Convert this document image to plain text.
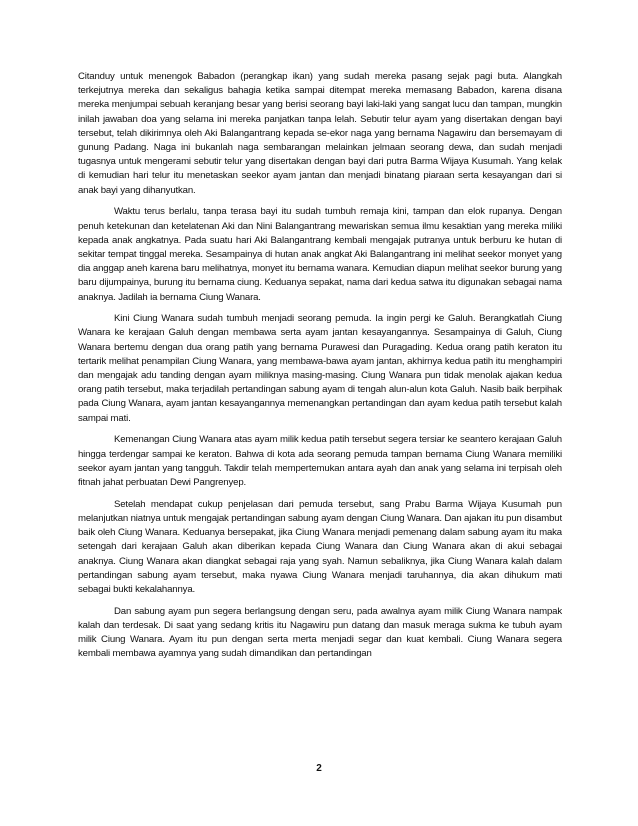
Citanduy untuk menengok Babadon (perangkap ikan) yang sudah mereka pasang sejak pagi buta. Alangkah terkejutnya mereka dan sekaligus bahagia ketika sampai ditempat mereka memasang Babadon, karena disana mereka menjumpai sebuah keranjang besar yang berisi seorang bayi laki-laki yang sangat lucu dan tampan, mungkin inilah jawaban doa yang selama ini mereka panjatkan tanpa lelah. Sebutir telur ayam yang disertakan dengan bayi tersebut, telah dikirimnya oleh Aki Balangantrang kepada se-ekor naga yang bernama Nagawiru dan bersemayam di gunung Padang. Naga ini bukanlah naga sembarangan melainkan jelmaan seorang dewa, dan sudah menjadi tugasnya untuk mengerami sebutir telur yang disertakan dengan bayi dari putra Barma Wijaya Kusumah. Yang kelak di kemudian hari telur itu menetaskan seekor ayam jantan dan menjadi binatang piaraan serta kesayangan dari si anak bayi yang dihanyutkan.

Waktu terus berlalu, tanpa terasa bayi itu sudah tumbuh remaja kini, tampan dan elok rupanya. Dengan penuh ketekunan dan ketelatenan Aki dan Nini Balangantrang mewariskan semua ilmu kesaktian yang mereka miliki kepada anak angkatnya. Pada suatu hari Aki Balangantrang kembali mengajak putranya untuk berburu ke hutan di sekitar tempat tinggal mereka. Sesampainya di hutan anak angkat Aki Balangantrang ini melihat seekor monyet yang dia anggap aneh karena baru melihatnya, monyet itu bernama wanara. Kemudian diapun melihat seekor burung yang baru dijumpainya, burung itu bernama ciung. Keduanya sepakat, nama dari kedua satwa itu digunakan sebagai nama anaknya. Jadilah ia bernama Ciung Wanara.

Kini Ciung Wanara sudah tumbuh menjadi seorang pemuda. Ia ingin pergi ke Galuh. Berangkatlah Ciung Wanara ke kerajaan Galuh dengan membawa serta ayam jantan kesayangannya. Sesampainya di Galuh, Ciung Wanara bertemu dengan dua orang patih yang bernama Purawesi dan Puragading. Kedua orang patih keraton itu tertarik melihat penampilan Ciung Wanara, yang membawa-bawa ayam jantan, akhirnya kedua patih itu menghampiri dan mengajak adu tanding dengan ayam miliknya masing-masing. Ciung Wanara pun tidak menolak ajakan kedua orang patih tersebut, maka terjadilah pertandingan sabung ayam di tengah alun-alun kota Galuh. Nasib baik berpihak pada Ciung Wanara, ayam jantan kesayangannya memenangkan pertandingan dan ayam kedua patih tersebut kalah sampai mati.

Kemenangan Ciung Wanara atas ayam milik kedua patih tersebut segera tersiar ke seantero kerajaan Galuh hingga terdengar sampai ke keraton. Bahwa di kota ada seorang pemuda tampan bernama Ciung Wanara memiliki seekor ayam jantan yang tangguh. Takdir telah mempertemukan antara ayah dan anak yang selama ini terpisah oleh fitnah jahat perbuatan Dewi Pangrenyep.

Setelah mendapat cukup penjelasan dari pemuda tersebut, sang Prabu Barma Wijaya Kusumah pun melanjutkan niatnya untuk mengajak pertandingan sabung ayam dengan Ciung Wanara. Dan ajakan itu pun disambut baik oleh Ciung Wanara. Keduanya bersepakat, jika Ciung Wanara menjadi pemenang dalam sabung ayam itu maka setengah dari kerajaan Galuh akan diberikan kepada Ciung Wanara dan Ciung Wanara akan di akui sebagai anaknya. Ciung Wanara akan diangkat sebagai raja yang syah. Namun sebaliknya, jika Ciung Wanara kalah dalam pertandingan sabung ayam tersebut, maka nyawa Ciung Wanara menjadi taruhannya, dia akan dihukum mati sebagai bukti kekalahannya.

Dan sabung ayam pun segera berlangsung dengan seru, pada awalnya ayam milik Ciung Wanara nampak kalah dan terdesak. Di saat yang sedang kritis itu Nagawiru pun datang dan masuk meraga sukma ke tubuh ayam milik Ciung Wanara. Ayam itu pun dengan serta merta menjadi segar dan kuat kembali. Ciung Wanara segera kembali membawa ayamnya yang sudah dimandikan dan pertandingan

2
